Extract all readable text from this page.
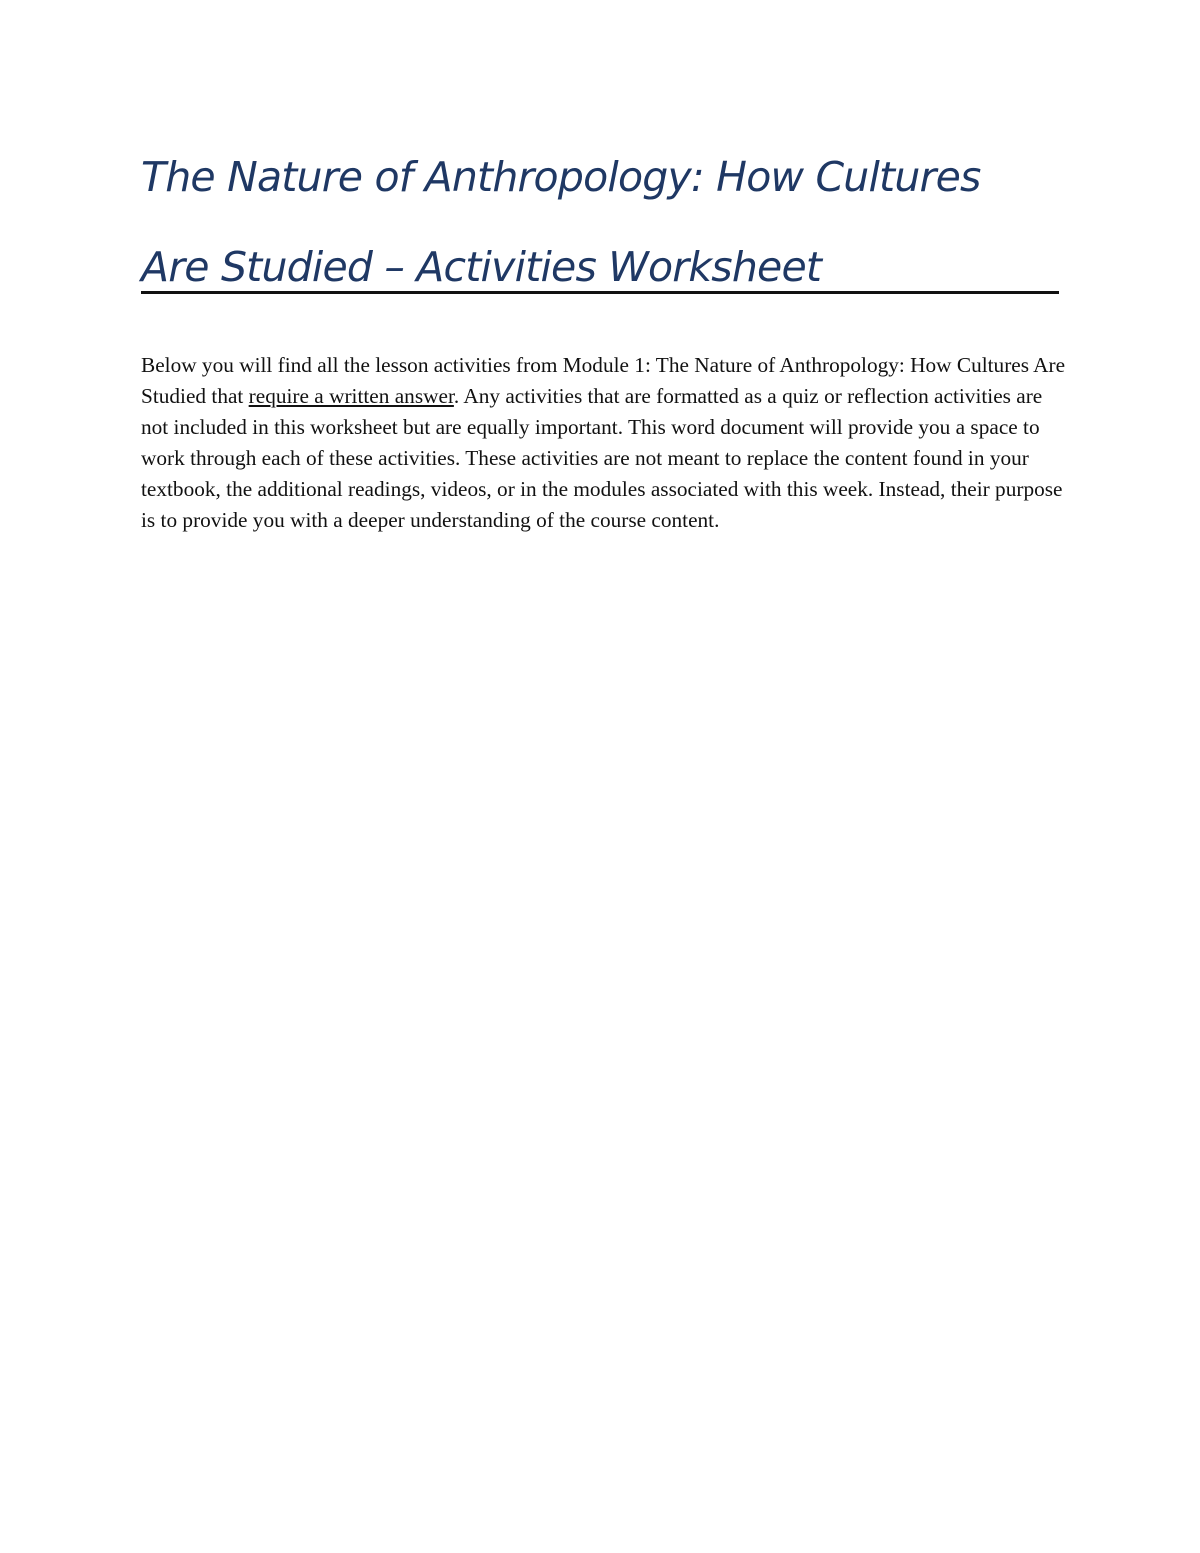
The Nature of Anthropology: How Cultures
Are Studied – Activities Worksheet

Below you will find all the lesson activities from Module 1: The Nature of Anthropology: How Cultures Are Studied that require a written answer. Any activities that are formatted as a quiz or reflection activities are not included in this worksheet but are equally important. This word document will provide you a space to work through each of these activities. These activities are not meant to replace the content found in your textbook, the additional readings, videos, or in the modules associated with this week. Instead, their purpose is to provide you with a deeper understanding of the course content.
